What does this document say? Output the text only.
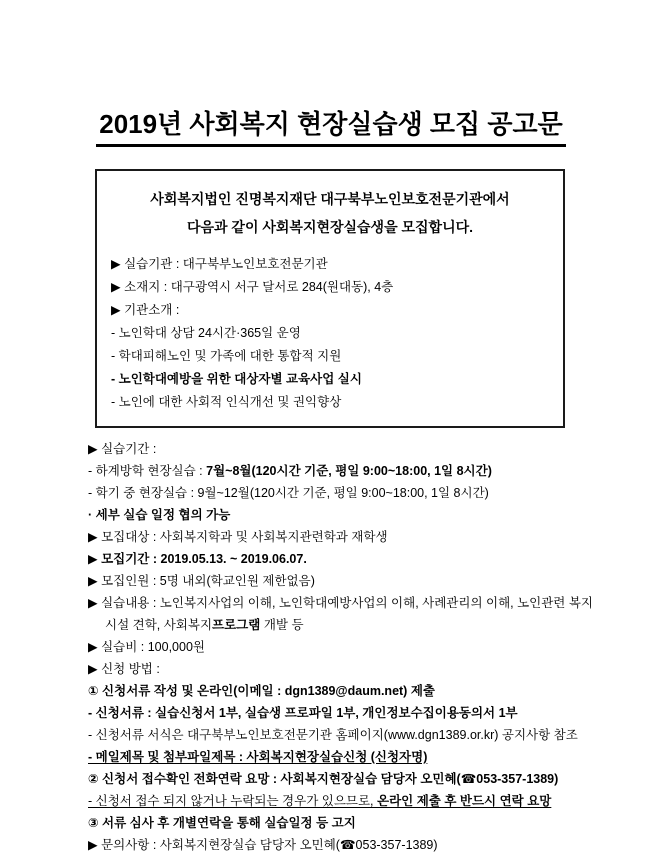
2019년 사회복지 현장실습생 모집 공고문
사회복지법인 진명복지재단 대구북부노인보호전문기관에서
다음과 같이 사회복지현장실습생을 모집합니다.
▶ 실습기관 : 대구북부노인보호전문기관
▶ 소재지 : 대구광역시 서구 달서로 284(원대동), 4층
▶ 기관소개 :
- 노인학대 상담 24시간·365일 운영
- 학대피해노인 및 가족에 대한 통합적 지원
- 노인학대예방을 위한 대상자별 교육사업 실시
- 노인에 대한 사회적 인식개선 및 권익향상
▶ 실습기간 :
- 하계방학 현장실습 : 7월~8월(120시간 기준, 평일 9:00~18:00, 1일 8시간)
- 학기 중 현장실습 : 9월~12월(120시간 기준, 평일 9:00~18:00, 1일 8시간)
· 세부 실습 일정 협의 가능
▶ 모집대상 : 사회복지학과 및 사회복지관련학과 재학생
▶ 모집기간 : 2019.05.13. ~ 2019.06.07.
▶ 모집인원 : 5명 내외(학교인원 제한없음)
▶ 실습내용 : 노인복지사업의 이해, 노인학대예방사업의 이해, 사례관리의 이해, 노인관련 복지시설 견학, 사회복지프로그램 개발 등
▶ 실습비 : 100,000원
▶ 신청 방법 :
① 신청서류 작성 및 온라인(이메일 : dgn1389@daum.net) 제출
- 신청서류 : 실습신청서 1부, 실습생 프로파일 1부, 개인정보수집이용동의서 1부
- 신청서류 서식은 대구북부노인보호전문기관 홈페이지(www.dgn1389.or.kr) 공지사항 참조
- 메일제목 및 첨부파일제목 : 사회복지현장실습신청 (신청자명)
② 신청서 접수확인 전화연락 요망 : 사회복지현장실습 담당자 오민혜(☎053-357-1389)
- 신청서 접수 되지 않거나 누락되는 경우가 있으므로, 온라인 제출 후 반드시 연락 요망
③ 서류 심사 후 개별연락을 통해 실습일정 등 고지
▶ 문의사항 : 사회복지현장실습 담당자 오민혜(☎053-357-1389)
